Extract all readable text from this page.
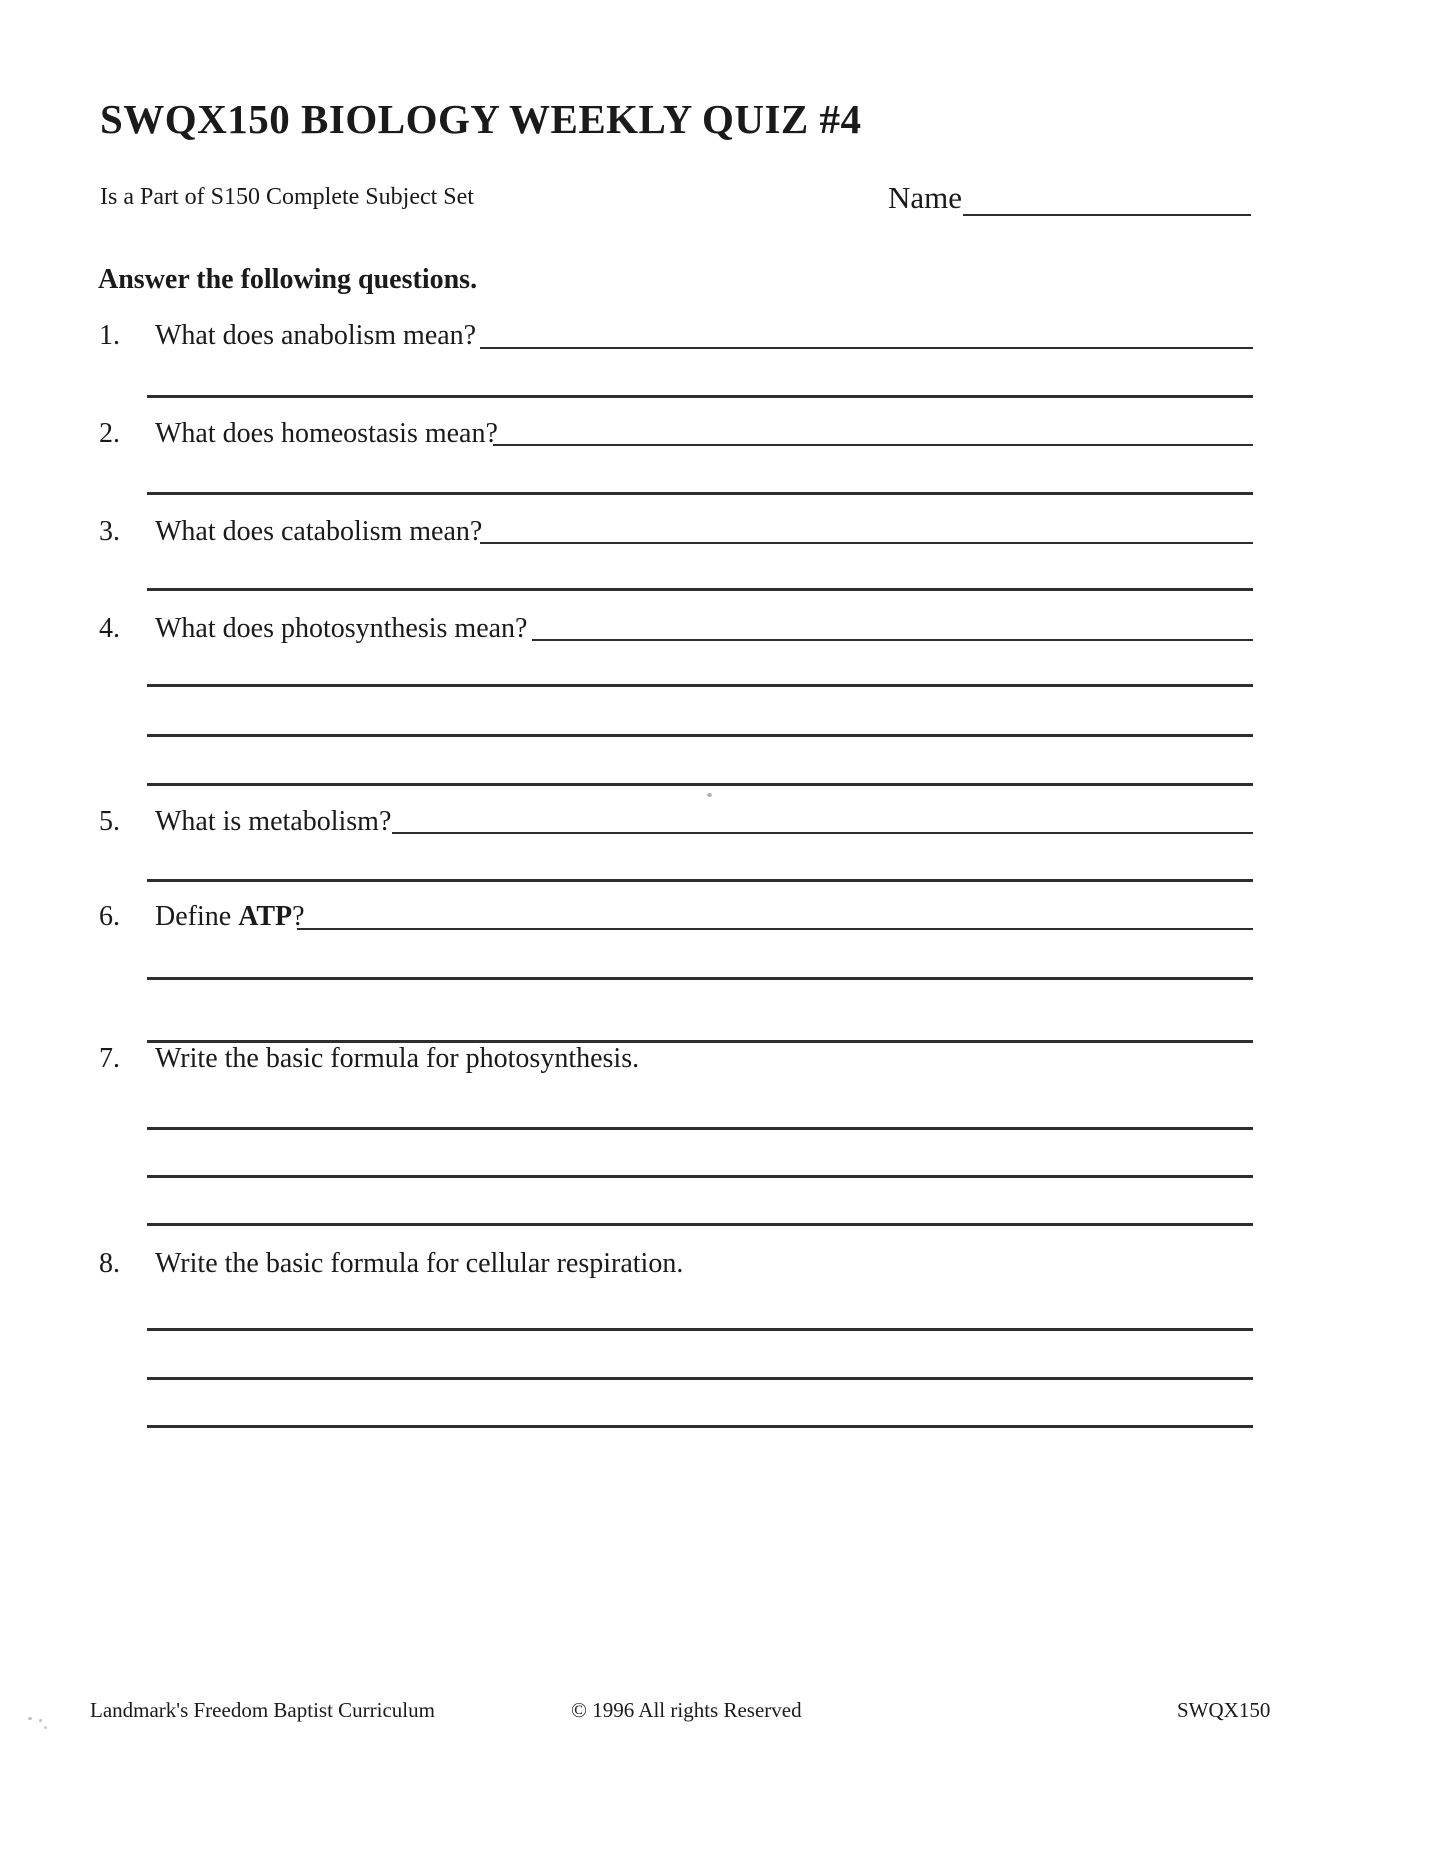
SWQX150 BIOLOGY WEEKLY QUIZ #4
Is a Part of S150 Complete Subject Set	Name
Answer the following questions.
1. What does anabolism mean?
2. What does homeostasis mean?
3. What does catabolism mean?
4. What does photosynthesis mean?
5. What is metabolism?
6. Define ATP?
7. Write the basic formula for photosynthesis.
8. Write the basic formula for cellular respiration.
Landmark's Freedom Baptist Curriculum	© 1996 All rights Reserved	SWQX150
